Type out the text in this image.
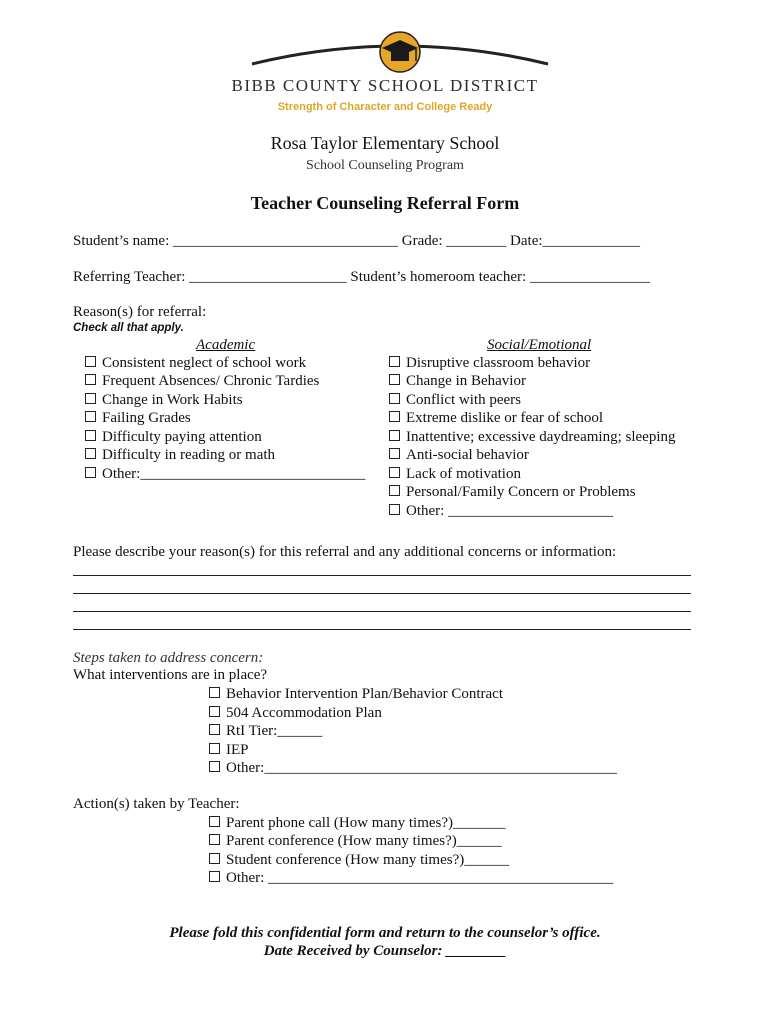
BIBB COUNTY SCHOOL DISTRICT
Strength of Character and College Ready
Rosa Taylor Elementary School
School Counseling Program
Teacher Counseling Referral Form
Student’s name: ______________________________ Grade: ________ Date:_____________
Referring Teacher: _____________________ Student’s homeroom teacher: ________________
Reason(s) for referral:
Check all that apply.
Academic
Consistent neglect of school work
Frequent Absences/ Chronic Tardies
Change in Work Habits
Failing Grades
Difficulty paying attention
Difficulty in reading or math
Other:______________________________
Social/Emotional
Disruptive classroom behavior
Change in Behavior
Conflict with peers
Extreme dislike or fear of school
Inattentive; excessive daydreaming; sleeping
Anti-social behavior
Lack of motivation
Personal/Family Concern or Problems
Other: ______________________
Please describe your reason(s) for this referral and any additional concerns or information:
Steps taken to address concern:
What interventions are in place?
Behavior Intervention Plan/Behavior Contract
504 Accommodation Plan
RtI Tier:______
IEP
Other:_______________________________________________
Action(s) taken by Teacher:
Parent phone call (How many times?)_______
Parent conference (How many times?)______
Student conference (How many times?)______
Other: ______________________________________________
Please fold this confidential form and return to the counselor’s office.
Date Received by Counselor: ________
